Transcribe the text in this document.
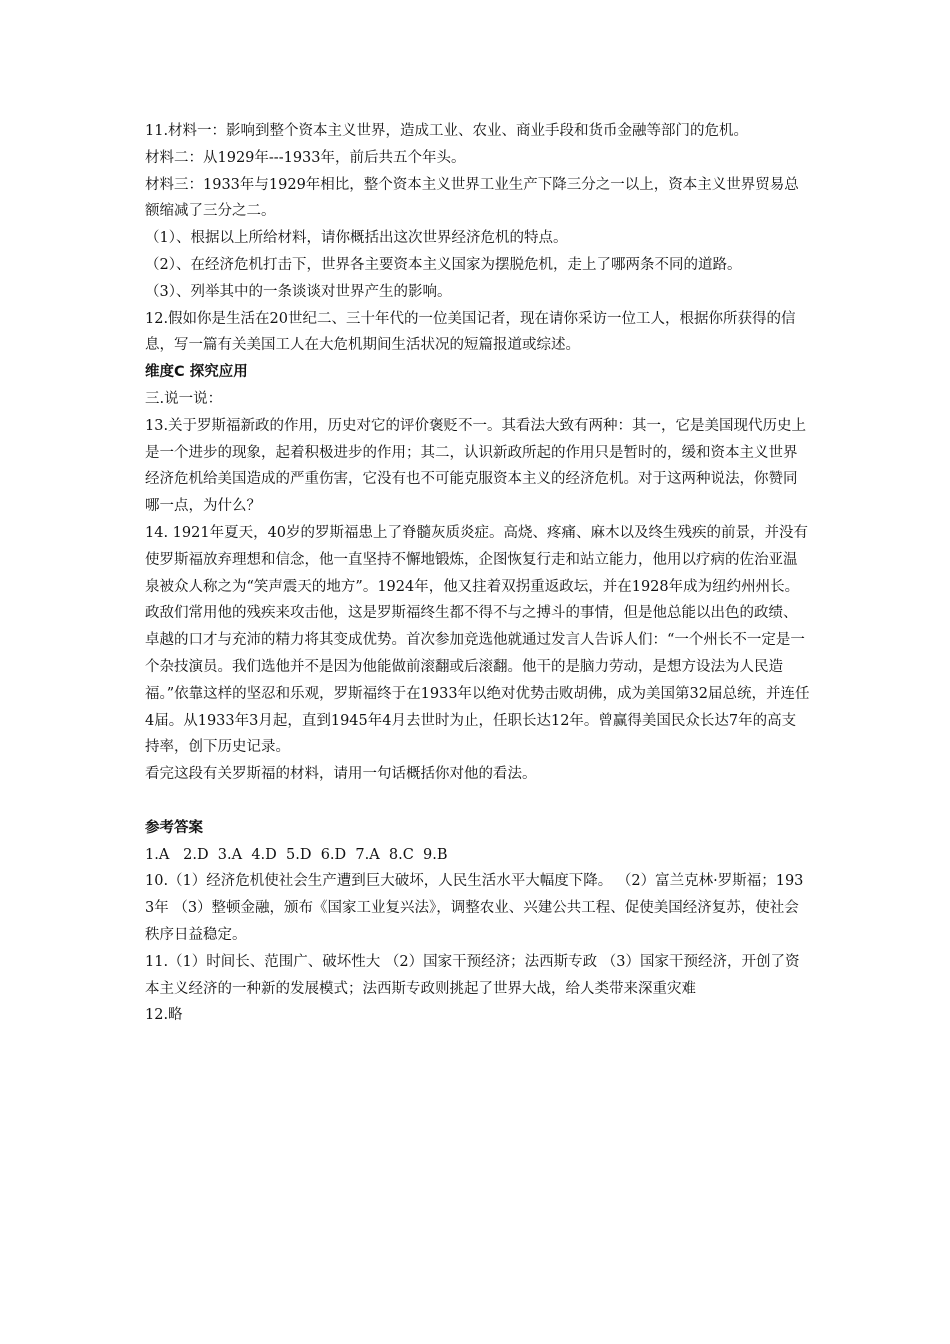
11.材料一：影响到整个资本主义世界，造成工业、农业、商业手段和货币金融等部门的危机。

材料二：从1929年---1933年，前后共五个年头。

材料三：1933年与1929年相比，整个资本主义世界工业生产下降三分之一以上，资本主义世界贸易总额缩减了三分之二。

（1）、根据以上所给材料，请你概括出这次世界经济危机的特点。

（2）、在经济危机打击下，世界各主要资本主义国家为摆脱危机，走上了哪两条不同的道路。

（3）、列举其中的一条谈谈对世界产生的影响。

12.假如你是生活在20世纪二、三十年代的一位美国记者，现在请你采访一位工人，根据你所获得的信息，写一篇有关美国工人在大危机期间生活状况的短篇报道或综述。

维度C 探究应用

三.说一说：

13.关于罗斯福新政的作用，历史对它的评价褒贬不一。其看法大致有两种：其一，它是美国现代历史上是一个进步的现象，起着积极进步的作用；其二，认识新政所起的作用只是暂时的，缓和资本主义世界经济危机给美国造成的严重伤害，它没有也不可能克服资本主义的经济危机。对于这两种说法，你赞同哪一点，为什么？

14. 1921年夏天，40岁的罗斯福患上了脊髓灰质炎症。高烧、疼痛、麻木以及终生残疾的前景，并没有使罗斯福放弃理想和信念，他一直坚持不懈地锻炼，企图恢复行走和站立能力，他用以疗病的佐治亚温泉被众人称之为“笑声震天的地方”。1924年，他又拄着双拐重返政坛，并在1928年成为纽约州州长。

政敌们常用他的残疾来攻击他，这是罗斯福终生都不得不与之搏斗的事情，但是他总能以出色的政绩、卓越的口才与充沛的精力将其变成优势。首次参加竞选他就通过发言人告诉人们：“一个州长不一定是一个杂技演员。我们选他并不是因为他能做前滚翻或后滚翻。他干的是脑力劳动，是想方设法为人民造福。”依靠这样的坚忍和乐观，罗斯福终于在1933年以绝对优势击败胡佛，成为美国第32届总统，并连任4届。从1933年3月起，直到1945年4月去世时为止，任职长达12年。曾赢得美国民众长达7年的高支持率，创下历史记录。

看完这段有关罗斯福的材料，请用一句话概括你对他的看法。

参考答案

1.A   2.D  3.A  4.D  5.D  6.D  7.A  8.C  9.B

10.（1）经济危机使社会生产遭到巨大破坏，人民生活水平大幅度下降。 （2）富兰克林·罗斯福；1933年 （3）整顿金融，颁布《国家工业复兴法》，调整农业、兴建公共工程、促使美国经济复苏，使社会秩序日益稳定。

11.（1）时间长、范围广、破坏性大 （2）国家干预经济；法西斯专政 （3）国家干预经济，开创了资本主义经济的一种新的发展模式；法西斯专政则挑起了世界大战，给人类带来深重灾难

12.略
